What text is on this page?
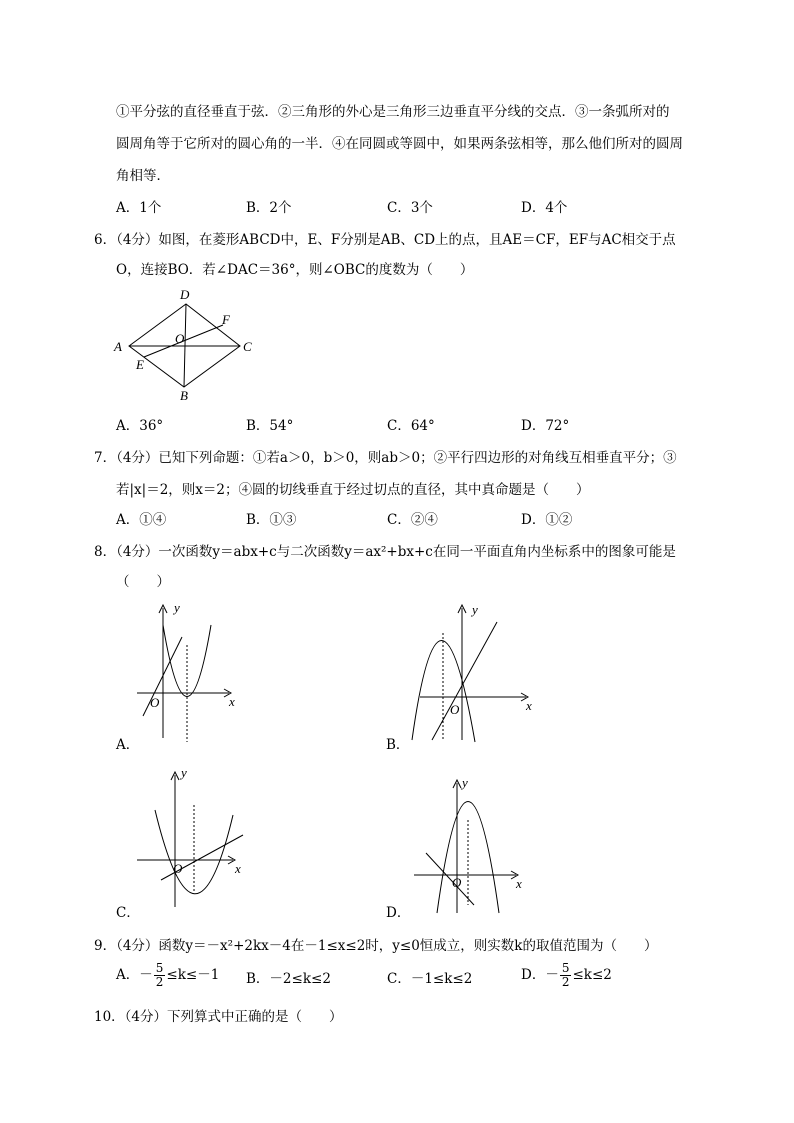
①平分弦的直径垂直于弦．②三角形的外心是三角形三边垂直平分线的交点．③一条弧所对的
圆周角等于它所对的圆心角的一半．④在同圆或等圆中，如果两条弦相等，那么他们所对的圆周
角相等．
A．1个	B．2个	C．3个	D．4个
6．（4分）如图，在菱形ABCD中，E、F分别是AB、CD上的点，且AE＝CF，EF与AC相交于点
O，连接BO．若∠DAC＝36°，则∠OBC的度数为（　　）
A
B
C
D
E
F
O
A．36°	B．54°	C．64°	D．72°
7．（4分）已知下列命题：①若a＞0，b＞0，则ab＞0；②平行四边形的对角线互相垂直平分；③
若|x|＝2，则x＝2；④圆的切线垂直于经过切点的直径，其中真命题是（　　）
A．①④	B．①③	C．②④	D．①②
8．（4分）一次函数y＝abx+c与二次函数y＝ax²+bx+c在同一平面直角内坐标系中的图象可能是
（　　）
y
x
O
A．
y
x
O
B．
y
x
O
C．
y
x
O
D．
9．（4分）函数y＝－x²+2kx－4在－1≤x≤2时，y≤0恒成立，则实数k的取值范围为（　　）
A．－ $\frac{5}{2} \le k\le-1$ B．－2≤k≤2	C．－1≤k≤2	D．－ $\frac{5}{2} \le k\le 2$
10．（4分）下列算式中正确的是（　　）
